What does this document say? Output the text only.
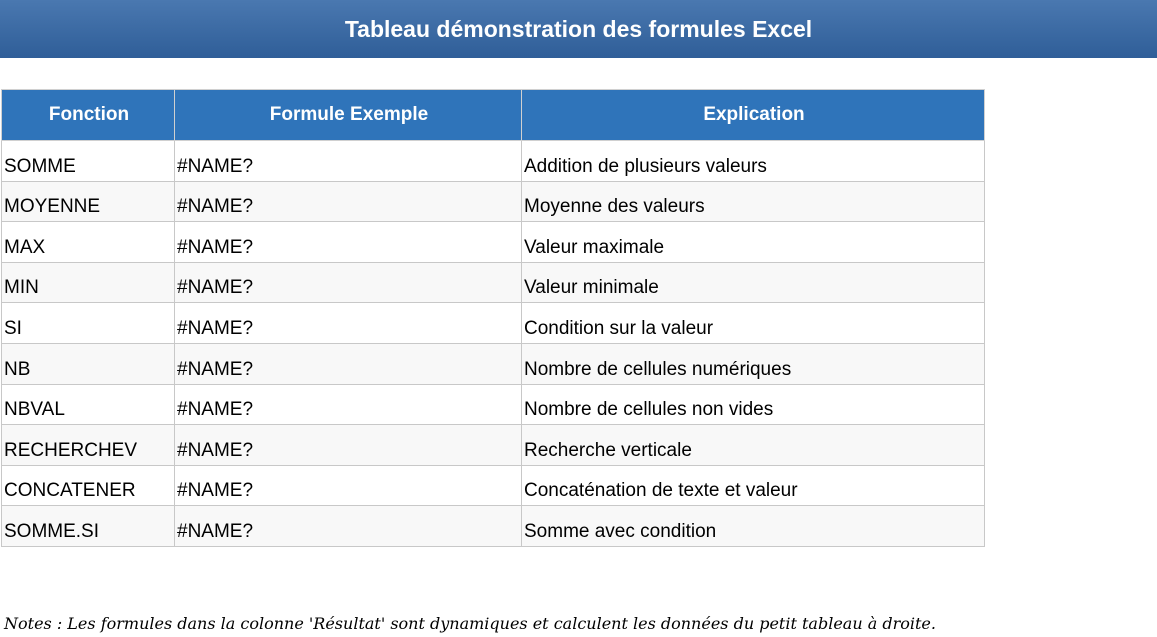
Tableau démonstration des formules Excel
Fonction	Formule Exemple	Explication
SOMME	#NAME?	Addition de plusieurs valeurs
MOYENNE	#NAME?	Moyenne des valeurs
MAX	#NAME?	Valeur maximale
MIN	#NAME?	Valeur minimale
SI	#NAME?	Condition sur la valeur
NB	#NAME?	Nombre de cellules numériques
NBVAL	#NAME?	Nombre de cellules non vides
RECHERCHEV	#NAME?	Recherche verticale
CONCATENER	#NAME?	Concaténation de texte et valeur
SOMME.SI	#NAME?	Somme avec condition
Notes : Les formules dans la colonne 'Résultat' sont dynamiques et calculent les données du petit tableau à droite.
